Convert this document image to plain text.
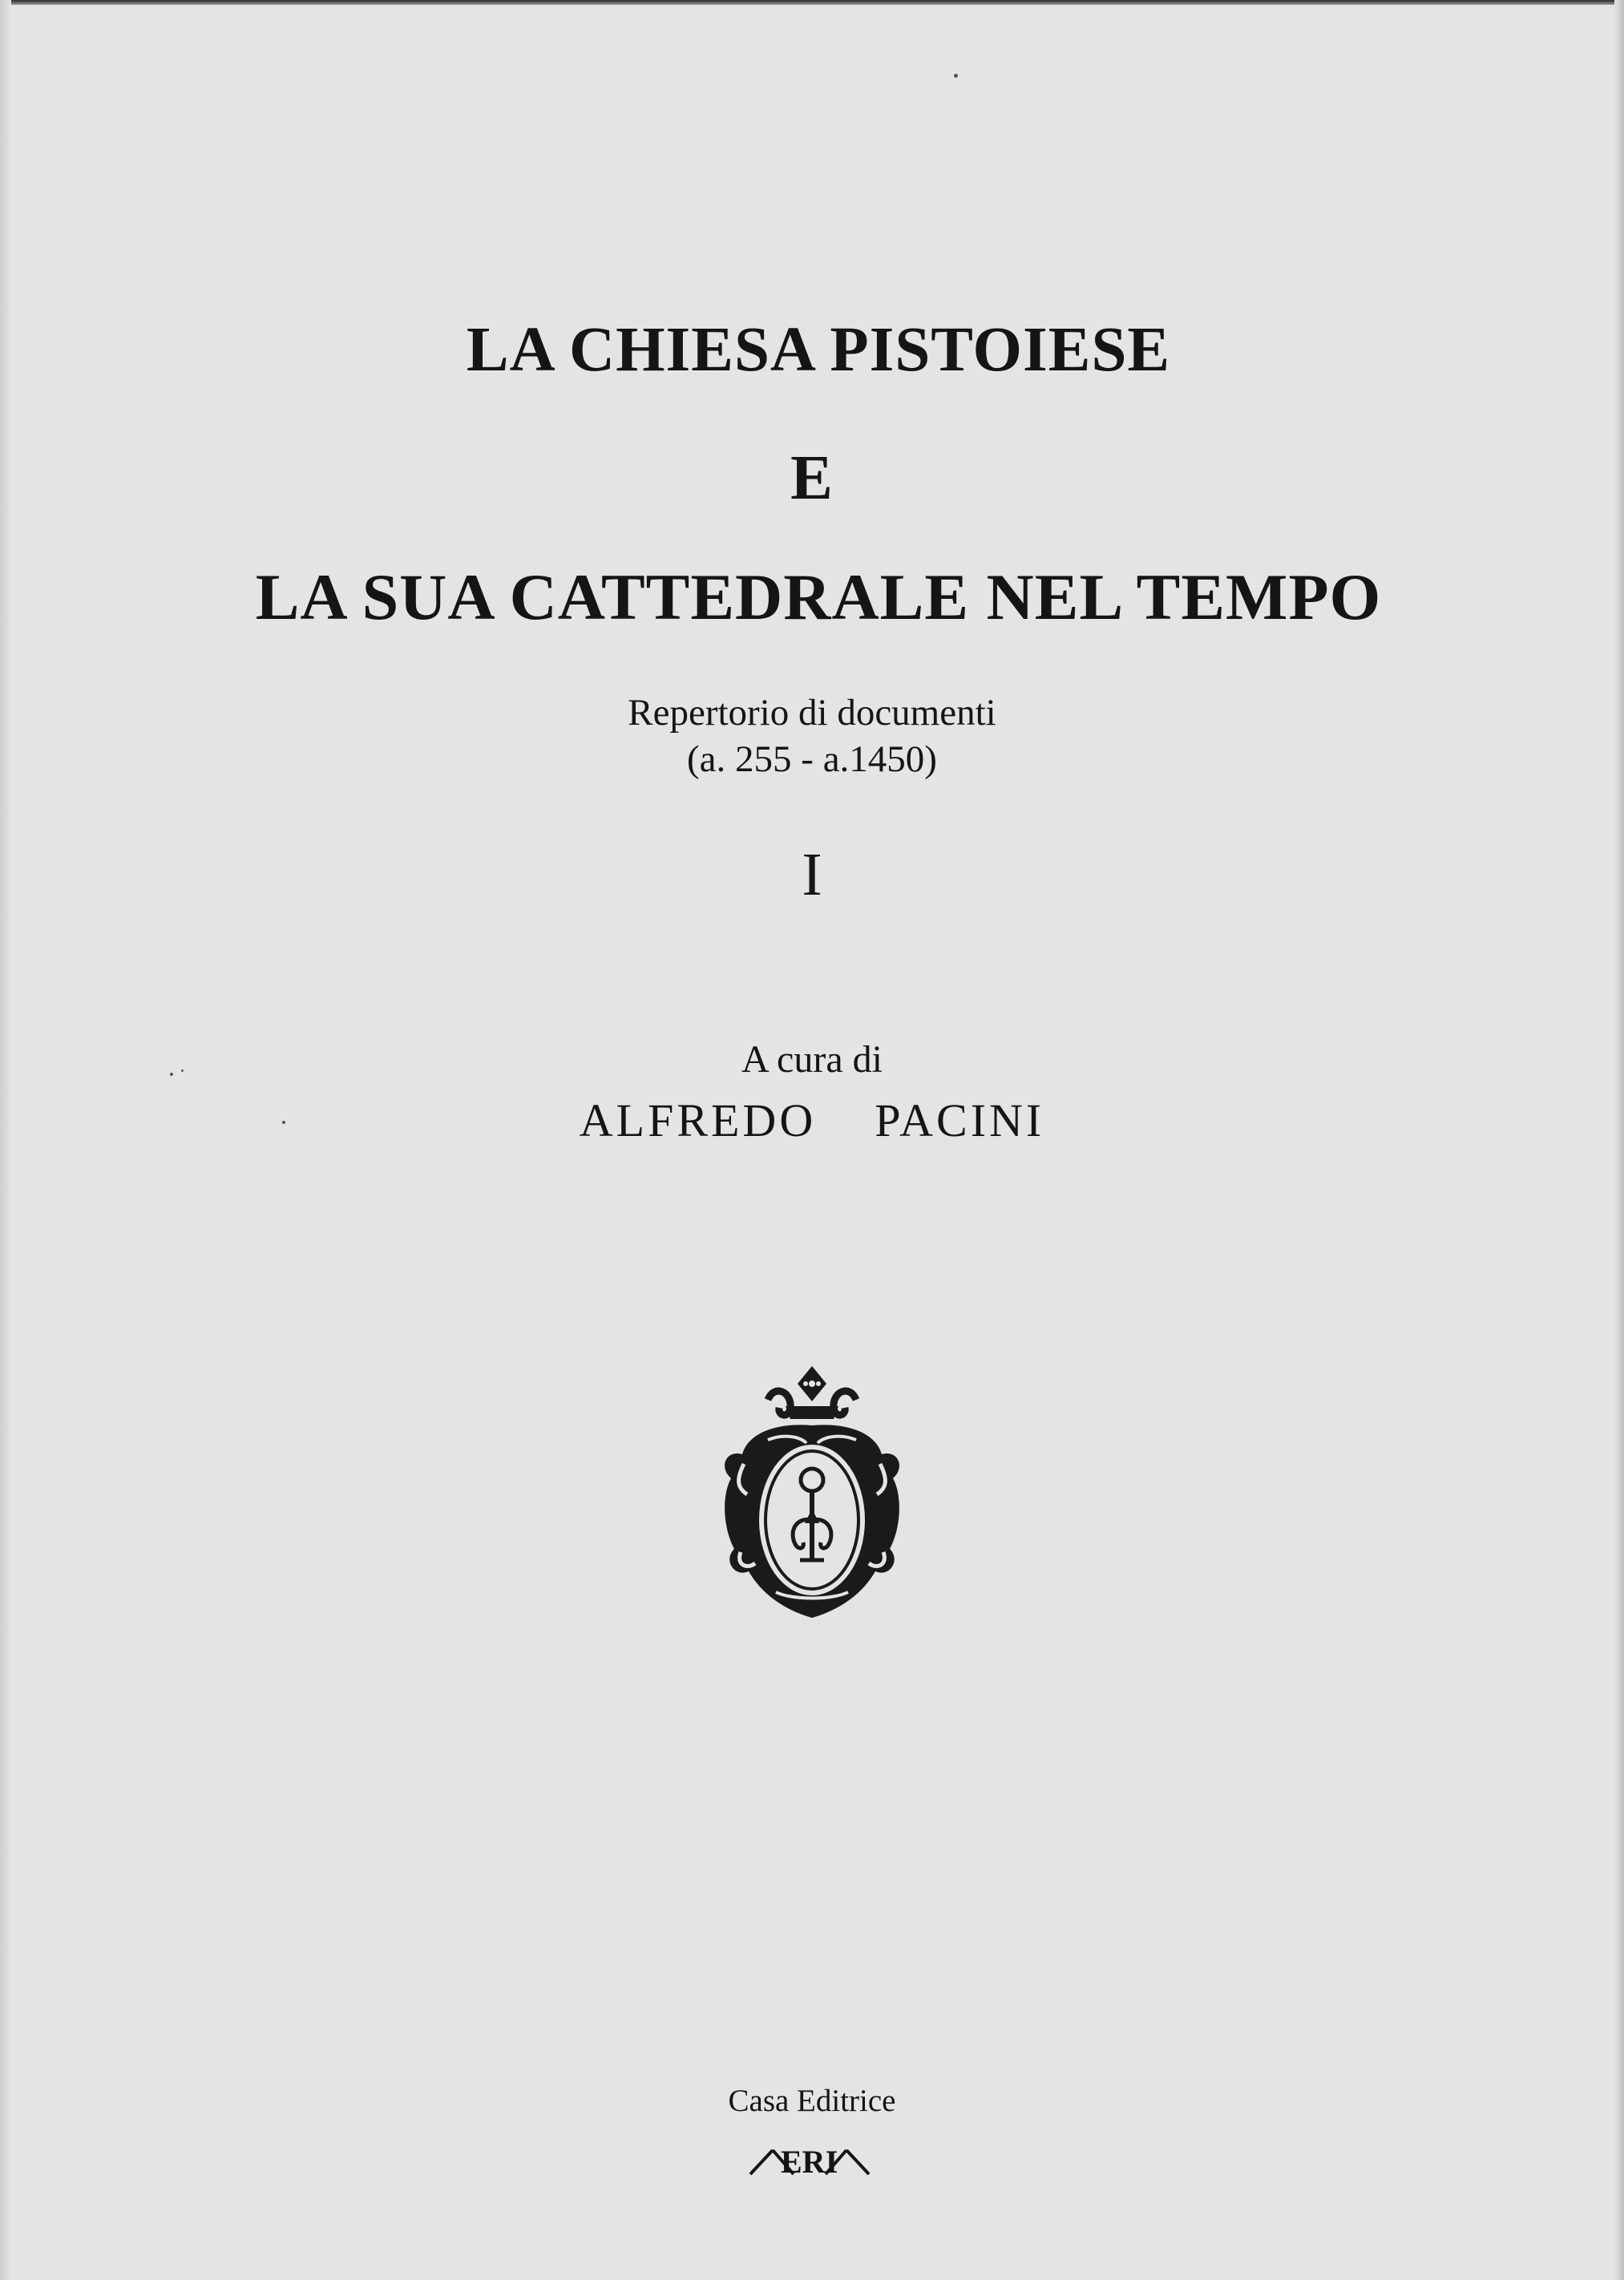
LA CHIESA PISTOIESE
E
LA SUA CATTEDRALE NEL TEMPO
Repertorio di documenti
(a. 255 - a.1450)
I
A cura di
ALFREDO  PACINI
Casa Editrice
ERI
